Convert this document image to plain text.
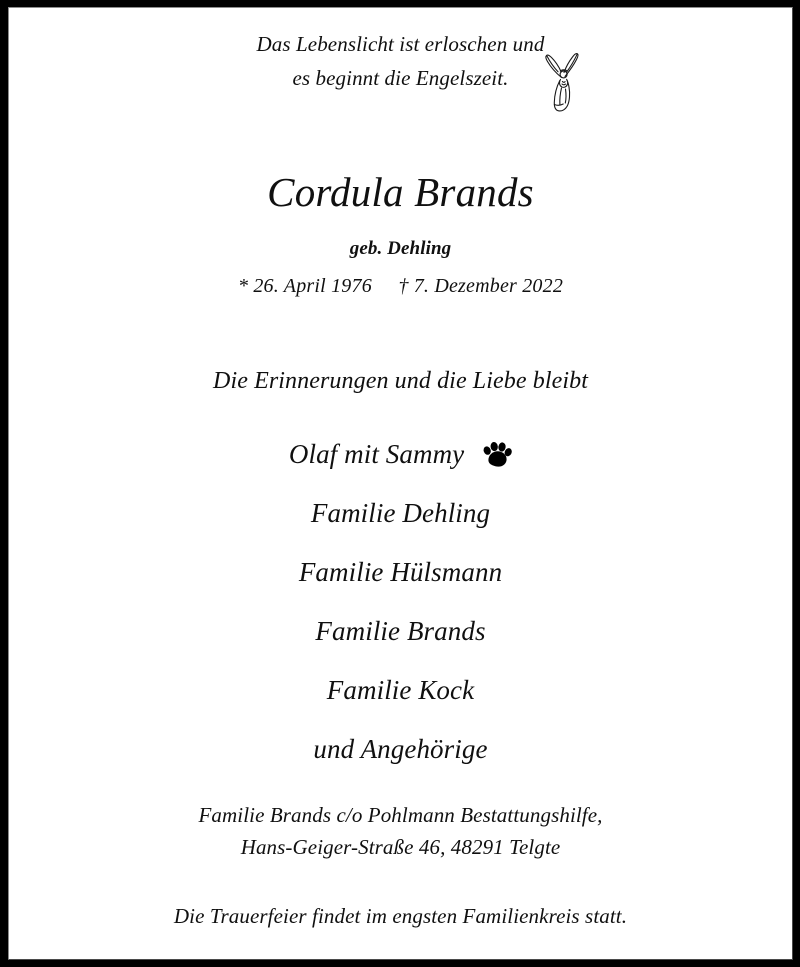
Das Lebenslicht ist erloschen und
es beginnt die Engelszeit.
Cordula Brands
geb. Dehling
* 26. April 1976 † 7. Dezember 2022
Die Erinnerungen und die Liebe bleibt
Olaf mit Sammy
Familie Dehling
Familie Hülsmann
Familie Brands
Familie Kock
und Angehörige
Familie Brands c/o Pohlmann Bestattungshilfe,
Hans-Geiger-Straße 46, 48291 Telgte
Die Trauerfeier findet im engsten Familienkreis statt.
